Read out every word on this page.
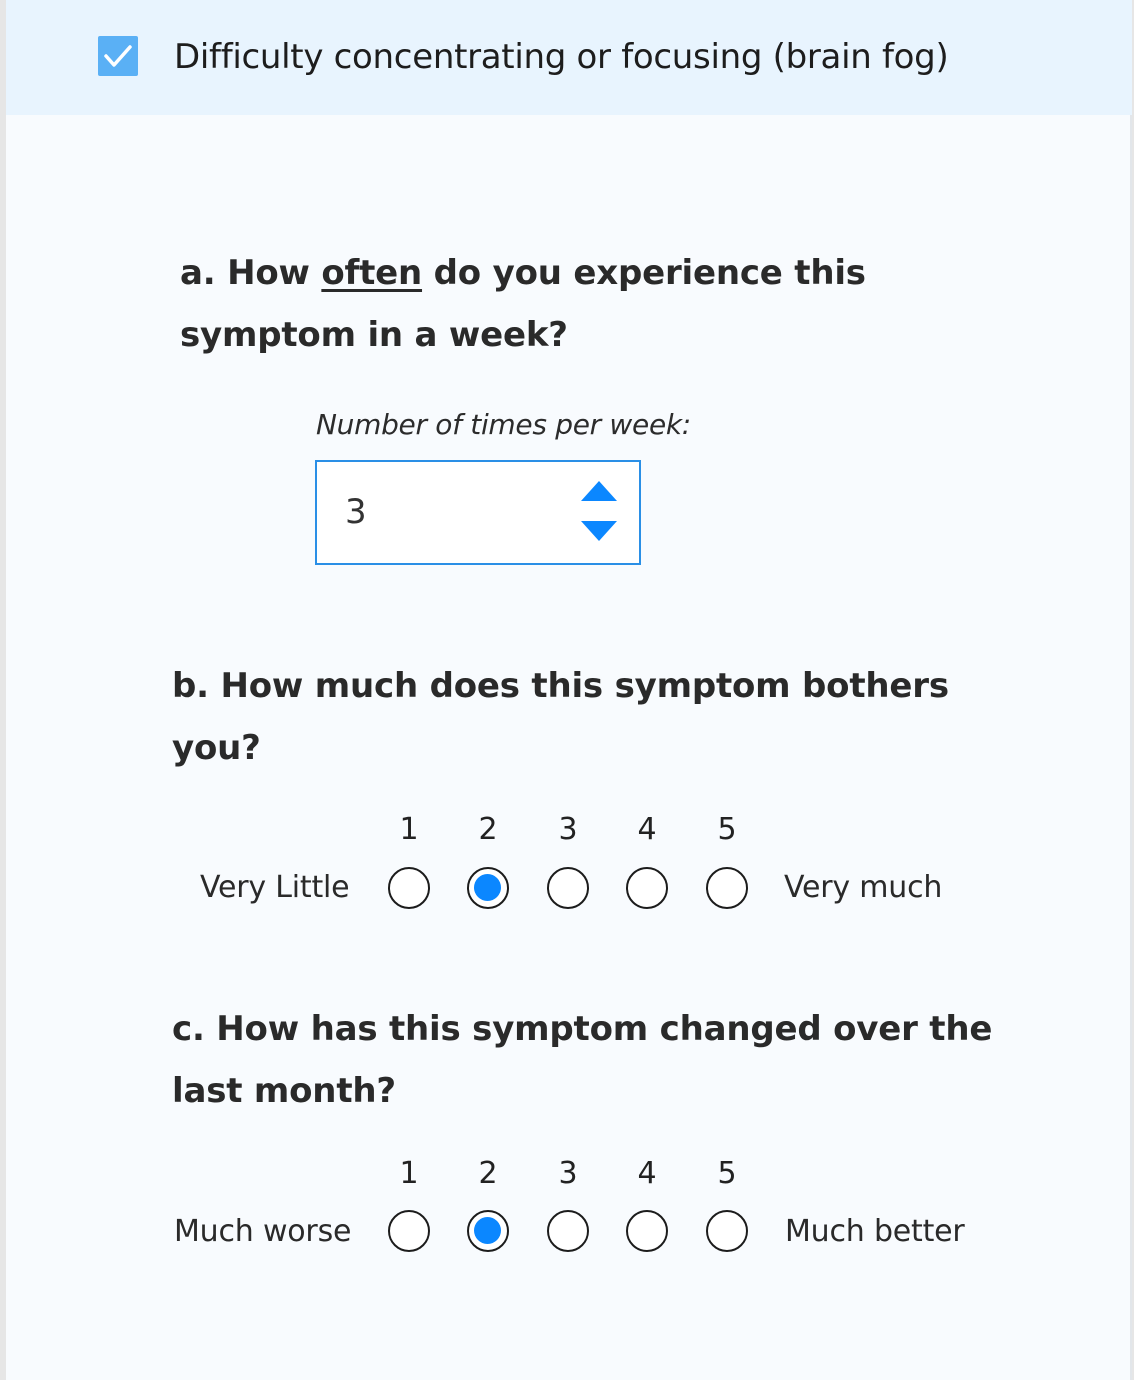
Difficulty concentrating or focusing (brain fog)
a. How often do you experience this
symptom in a week?
Number of times per week:
3
b. How much does this symptom bothers
you?
1	2	3	4	5
Very Little	Very much
c. How has this symptom changed over the
last month?
1	2	3	4	5
Much worse	Much better
